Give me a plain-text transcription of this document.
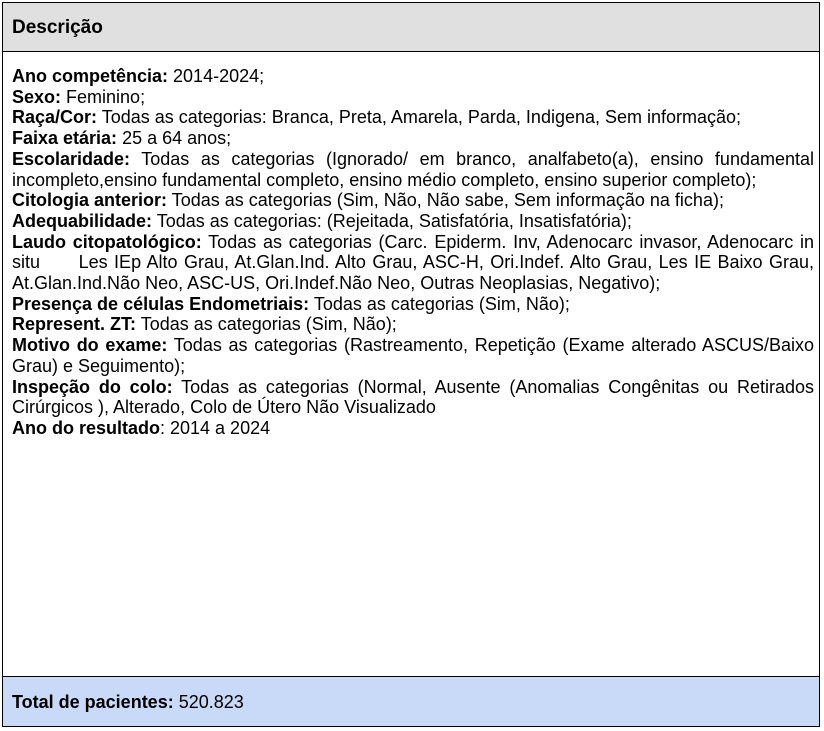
Descrição

Ano competência: 2014-2024;

Sexo: Feminino;

Raça/Cor: Todas as categorias: Branca, Preta, Amarela, Parda, Indigena, Sem informação;

Faixa etária: 25 a 64 anos;

Escolaridade: Todas as categorias (Ignorado/ em branco, analfabeto(a), ensino fundamental incompleto,ensino fundamental completo, ensino médio completo, ensino superior completo);

Citologia anterior: Todas as categorias (Sim, Não, Não sabe, Sem informação na ficha);

Adequabilidade: Todas as categorias: (Rejeitada, Satisfatória, Insatisfatória);

Laudo citopatológico: Todas as categorias (Carc. Epiderm. Inv, Adenocarc invasor, Adenocarc in situ      Les IEp Alto Grau, At.Glan.Ind. Alto Grau, ASC-H, Ori.Indef. Alto Grau, Les IE Baixo Grau, At.Glan.Ind.Não Neo, ASC-US, Ori.Indef.Não Neo, Outras Neoplasias, Negativo);

Presença de células Endometriais: Todas as categorias (Sim, Não);

Represent. ZT: Todas as categorias (Sim, Não);

Motivo do exame: Todas as categorias (Rastreamento, Repetição (Exame alterado ASCUS/Baixo Grau) e Seguimento);

Inspeção do colo: Todas as categorias (Normal, Ausente (Anomalias Congênitas ou Retirados Cirúrgicos ), Alterado, Colo de Útero Não Visualizado

Ano do resultado: 2014 a 2024

Total de pacientes: 520.823
